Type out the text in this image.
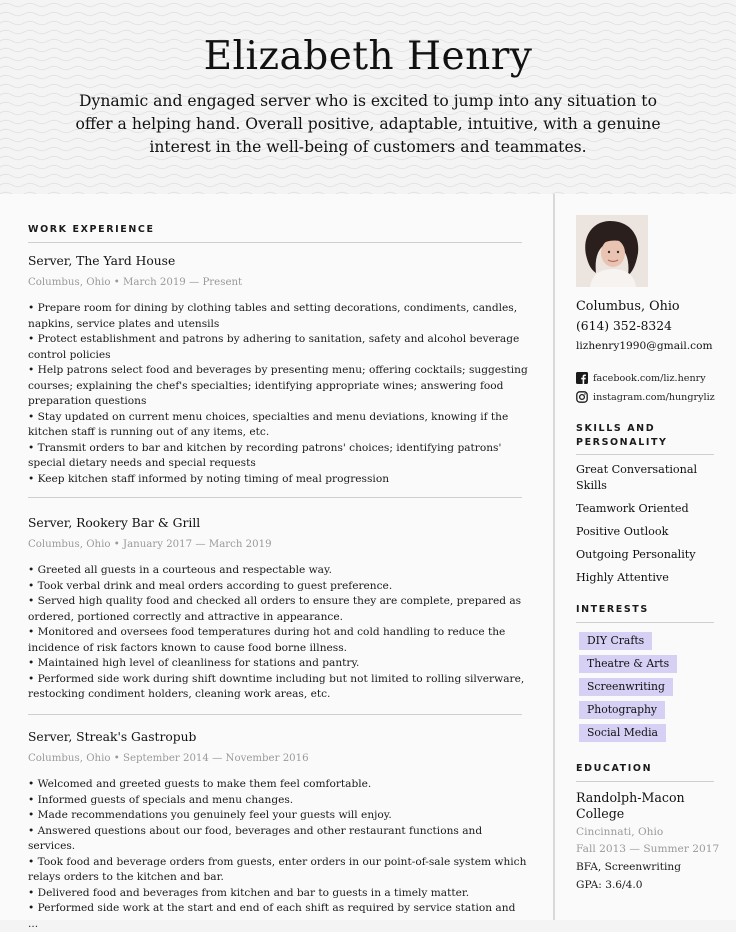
Elizabeth Henry
Dynamic and engaged server who is excited to jump into any situation to offer a helping hand. Overall positive, adaptable, intuitive, with a genuine interest in the well-being of customers and teammates.
WORK EXPERIENCE
Server, The Yard House
Columbus, Ohio • March 2019 — Present
• Prepare room for dining by clothing tables and setting decorations, condiments, candles, napkins, service plates and utensils
• Protect establishment and patrons by adhering to sanitation, safety and alcohol beverage control policies
• Help patrons select food and beverages by presenting menu; offering cocktails; suggesting courses; explaining the chef's specialties; identifying appropriate wines; answering food preparation questions
• Stay updated on current menu choices, specialties and menu deviations, knowing if the kitchen staff is running out of any items, etc.
• Transmit orders to bar and kitchen by recording patrons' choices; identifying patrons' special dietary needs and special requests
• Keep kitchen staff informed by noting timing of meal progression
Server, Rookery Bar & Grill
Columbus, Ohio • January 2017 — March 2019
• Greeted all guests in a courteous and respectable way.
• Took verbal drink and meal orders according to guest preference.
• Served high quality food and checked all orders to ensure they are complete, prepared as ordered, portioned correctly and attractive in appearance.
• Monitored and oversees food temperatures during hot and cold handling to reduce the incidence of risk factors known to cause food borne illness.
• Maintained high level of cleanliness for stations and pantry.
• Performed side work during shift downtime including but not limited to rolling silverware, restocking condiment holders, cleaning work areas, etc.
Server, Streak's Gastropub
Columbus, Ohio • September 2014 — November 2016
• Welcomed and greeted guests to make them feel comfortable.
• Informed guests of specials and menu changes.
• Made recommendations you genuinely feel your guests will enjoy.
• Answered questions about our food, beverages and other restaurant functions and services.
• Took food and beverage orders from guests, enter orders in our point-of-sale system which relays orders to the kitchen and bar.
• Delivered food and beverages from kitchen and bar to guests in a timely matter.
• Performed side work at the start and end of each shift as required by service station and ...
Columbus, Ohio
(614) 352-8324
lizhenry1990@gmail.com
facebook.com/liz.henry
instagram.com/hungryliz
SKILLS AND PERSONALITY
Great Conversational Skills
Teamwork Oriented
Positive Outlook
Outgoing Personality
Highly Attentive
INTERESTS
DIY Crafts
Theatre & Arts
Screenwriting
Photography
Social Media
EDUCATION
Randolph-Macon College
Cincinnati, Ohio
Fall 2013 — Summer 2017
BFA, Screenwriting
GPA: 3.6/4.0
